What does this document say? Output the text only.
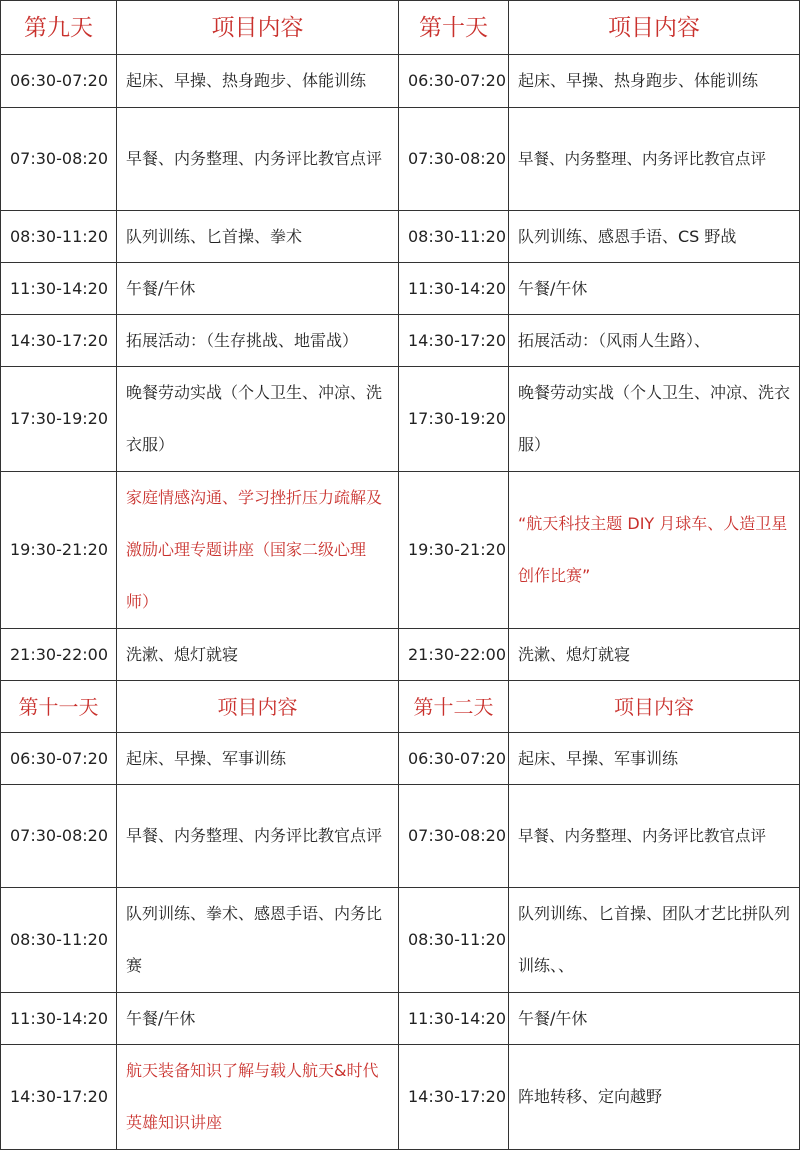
第九天	项目内容	第十天	项目内容
06:30-07:20	起床、早操、热身跑步、体能训练	06:30-07:20	起床、早操、热身跑步、体能训练
07:30-08:20	早餐、内务整理、内务评比教官点评	07:30-08:20	早餐、内务整理、内务评比教官点评
08:30-11:20	队列训练、匕首操、拳术	08:30-11:20	队列训练、感恩手语、CS 野战
11:30-14:20	午餐/午休	11:30-14:20	午餐/午休
14:30-17:20	拓展活动：（生存挑战、地雷战）	14:30-17:20	拓展活动：（风雨人生路）、
17:30-19:20	晚餐劳动实战（个人卫生、冲凉、洗衣服）	17:30-19:20	晚餐劳动实战（个人卫生、冲凉、洗衣服）
19:30-21:20	家庭情感沟通、学习挫折压力疏解及激励心理专题讲座（国家二级心理师）	19:30-21:20	“航天科技主题 DIY 月球车、人造卫星创作比赛”
21:30-22:00	洗漱、熄灯就寝	21:30-22:00	洗漱、熄灯就寝
第十一天	项目内容	第十二天	项目内容
06:30-07:20	起床、早操、军事训练	06:30-07:20	起床、早操、军事训练
07:30-08:20	早餐、内务整理、内务评比教官点评	07:30-08:20	早餐、内务整理、内务评比教官点评
08:30-11:20	队列训练、拳术、感恩手语、内务比赛	08:30-11:20	队列训练、匕首操、团队才艺比拼队列训练、、
11:30-14:20	午餐/午休	11:30-14:20	午餐/午休
14:30-17:20	航天装备知识了解与载人航天&时代英雄知识讲座	14:30-17:20	阵地转移、定向越野
